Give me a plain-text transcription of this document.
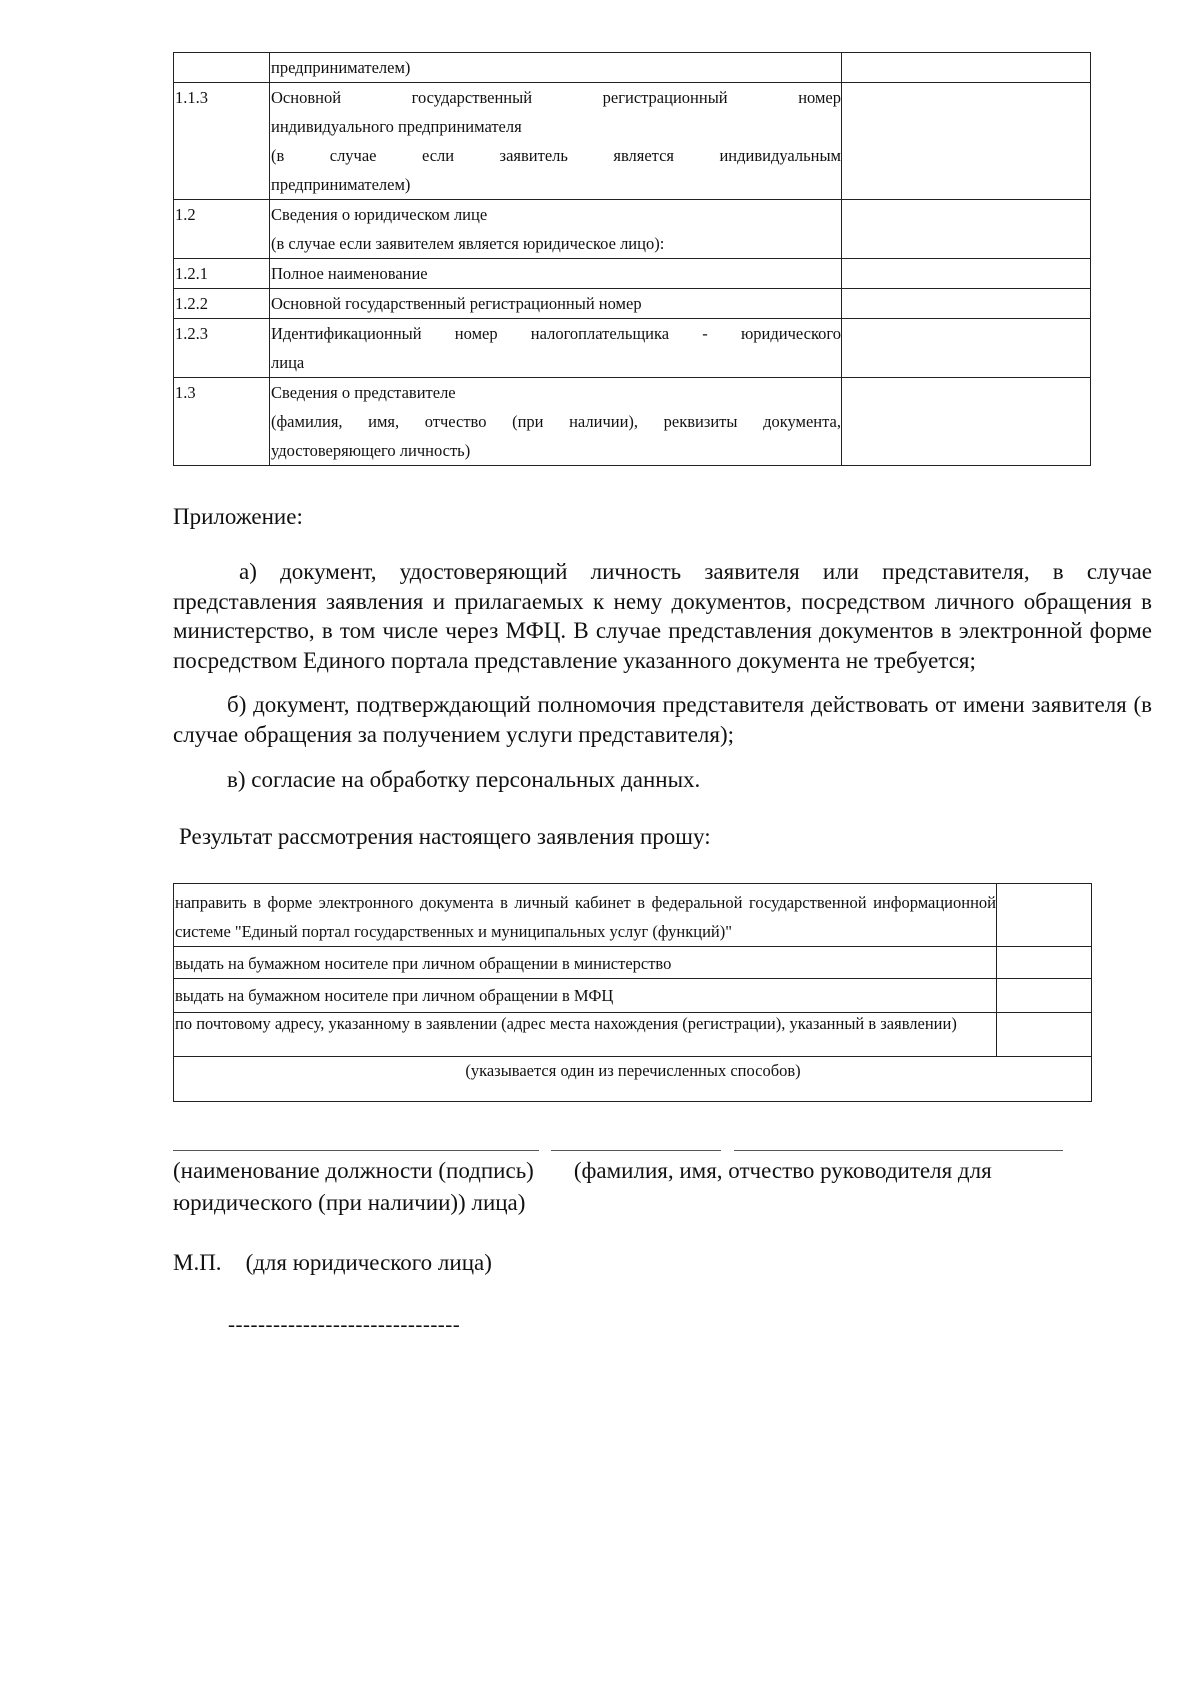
	предпринимателем)	

1.1.3	Основной государственный регистрационный номер
индивидуального предпринимателя
(в случае если заявитель является индивидуальным
предпринимателем)	

1.2	Сведения о юридическом лице
(в случае если заявителем является юридическое лицо):	

1.2.1	Полное наименование	

1.2.2	Основной государственный регистрационный номер	

1.2.3	Идентификационный номер налогоплательщика - юридического
лица	

1.3	Сведения о представителе
(фамилия, имя, отчество (при наличии), реквизиты документа,
удостоверяющего личность)	

Приложение:

а) документ, удостоверяющий личность заявителя или представителя, в случае представления заявления и прилагаемых к нему документов, посредством личного обращения в министерство, в том числе через МФЦ. В случае представления документов в электронной форме посредством Единого портала представление указанного документа не требуется;

б) документ, подтверждающий полномочия представителя действовать от имени заявителя (в случае обращения за получением услуги представителя);

в) согласие на обработку персональных данных.

Результат рассмотрения настоящего заявления прошу:
направить в форме электронного документа в личный кабинет в федеральной государственной информационной системе "Единый портал государственных и муниципальных услуг (функций)"	
выдать на бумажном носителе при личном обращении в министерство	
выдать на бумажном носителе при личном обращении в МФЦ	
по почтовому адресу, указанному в заявлении (адрес места нахождения (регистрации), указанный в заявлении)	
(указывается один из перечисленных способов)	

(наименование должности (подпись) (фамилия, имя, отчество руководителя для юридического (при наличии)) лица)

М.П. (для юридического лица)
-------------------------------
